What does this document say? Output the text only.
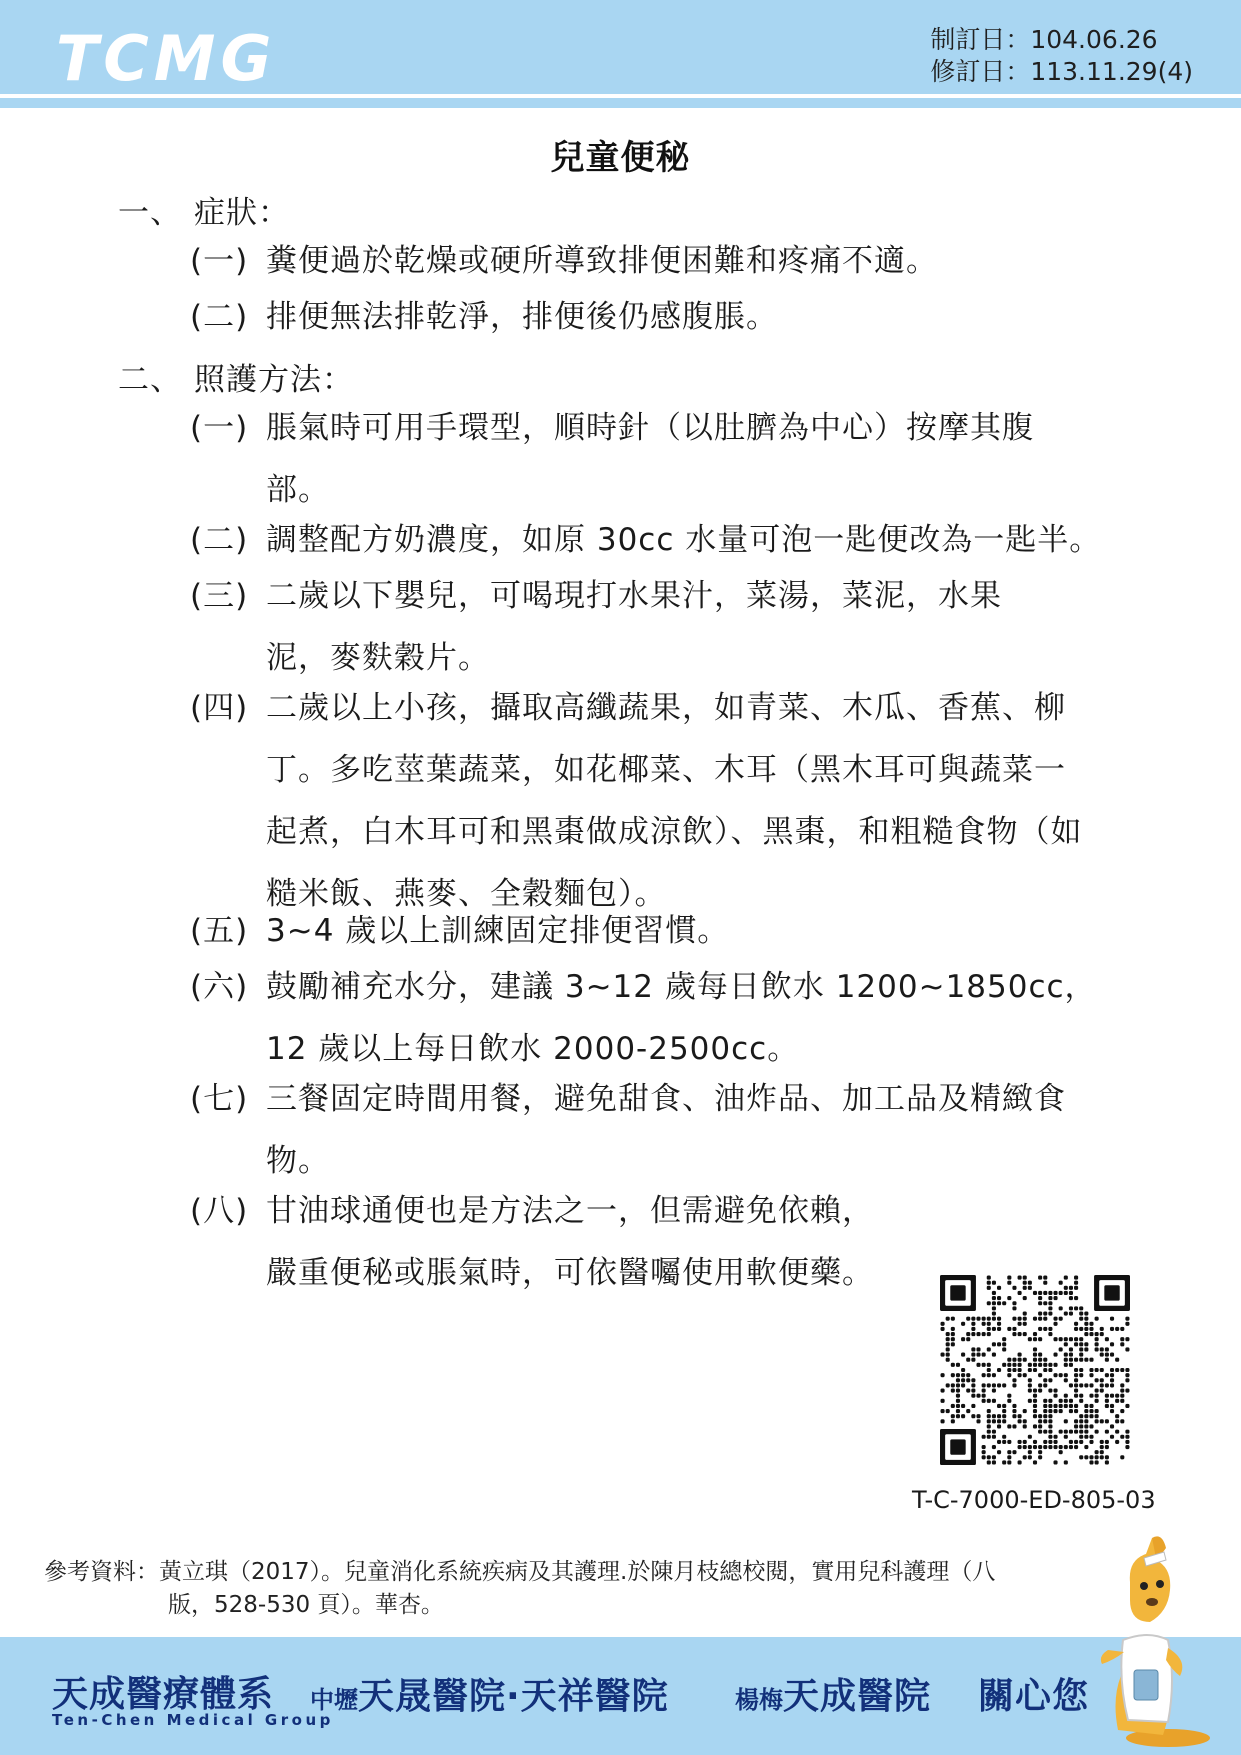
TCMG	制訂日：104.06.26
修訂日：113.11.29(4)
兒童便秘
一、 症狀：
(一) 糞便過於乾燥或硬所導致排便困難和疼痛不適。
(二) 排便無法排乾淨，排便後仍感腹脹。
二、 照護方法：
(一) 脹氣時可用手環型，順時針（以肚臍為中心）按摩其腹
部。
(二) 調整配方奶濃度，如原 30cc 水量可泡一匙便改為一匙半。
(三) 二歲以下嬰兒，可喝現打水果汁，菜湯，菜泥，水果
泥，麥麩穀片。
(四) 二歲以上小孩，攝取高纖蔬果，如青菜、木瓜、香蕉、柳
丁。多吃莖葉蔬菜，如花椰菜、木耳（黑木耳可與蔬菜一
起煮，白木耳可和黑棗做成涼飲）、黑棗，和粗糙食物（如
糙米飯、燕麥、全穀麵包）。
(五) 3~4 歲以上訓練固定排便習慣。
(六) 鼓勵補充水分，建議 3~12 歲每日飲水 1200~1850cc，
12 歲以上每日飲水 2000-2500cc。
(七) 三餐固定時間用餐，避免甜食、油炸品、加工品及精緻食
物。
(八) 甘油球通便也是方法之一，但需避免依賴，
嚴重便秘或脹氣時，可依醫囑使用軟便藥。
T-C-7000-ED-805-03
參考資料：黃立琪（2017）。兒童消化系統疾病及其護理.於陳月枝總校閱，實用兒科護理（八
版，528-530 頁）。華杏。
天成醫療體系
Ten-Chen Medical Group
中壢天晟醫院·天祥醫院	楊梅天成醫院 關心您
